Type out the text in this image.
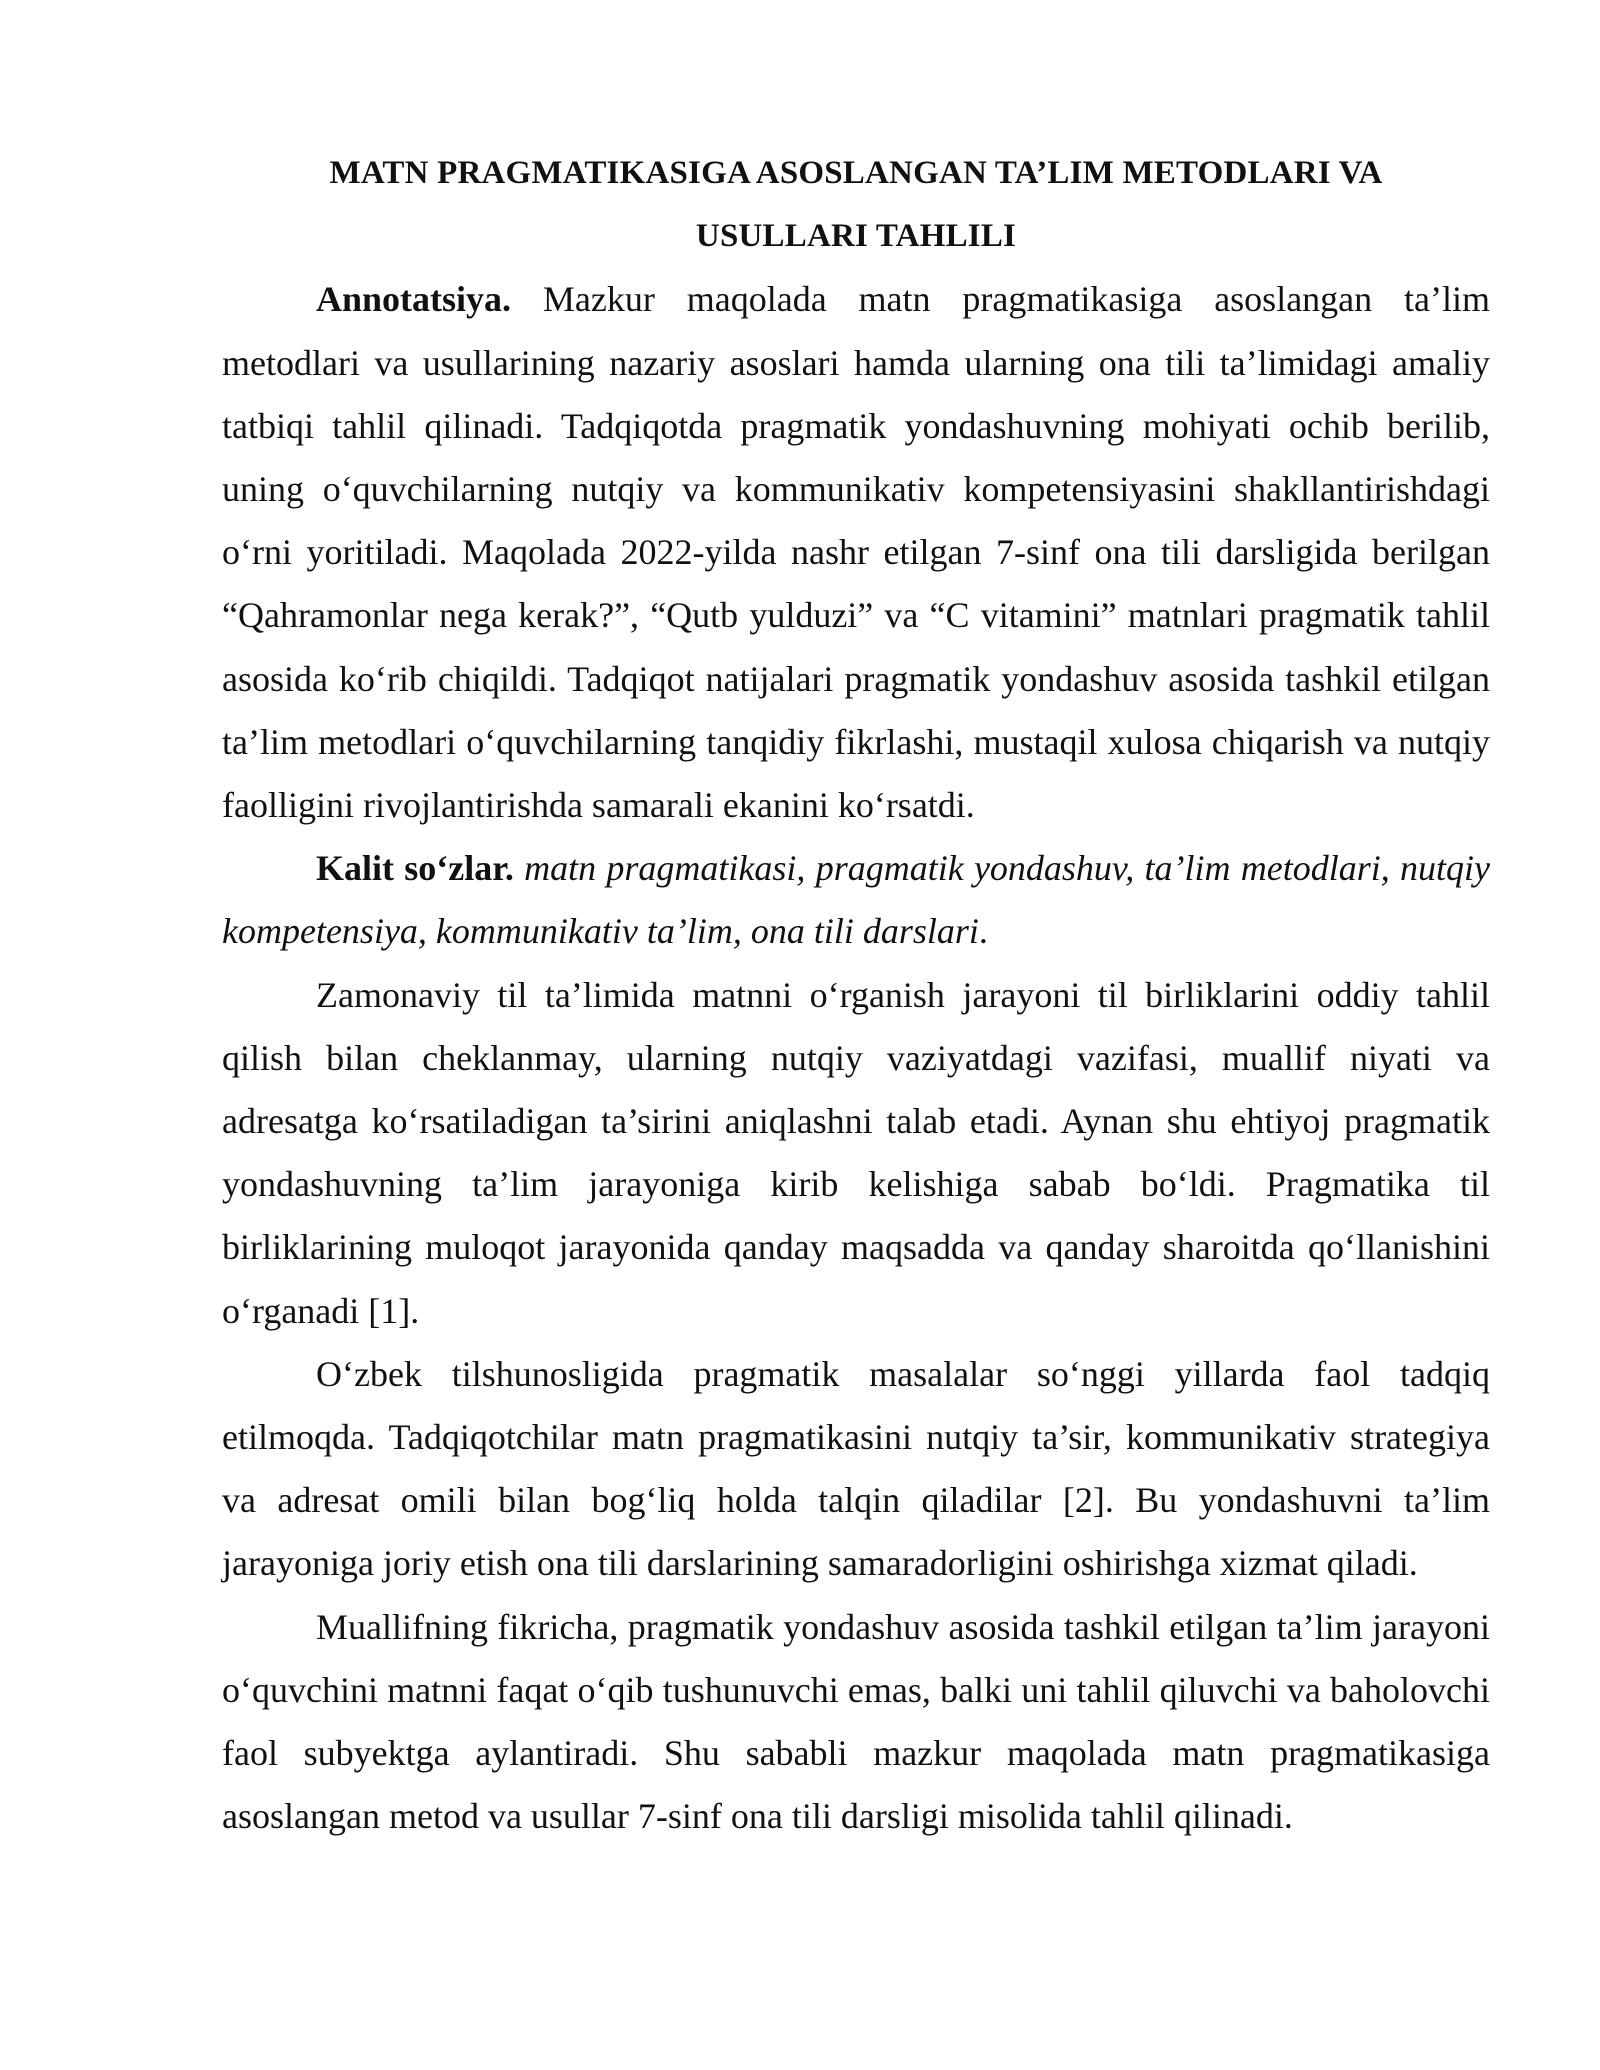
MATN PRAGMATIKASIGA ASOSLANGAN TA’LIM METODLARI VA
USULLARI TAHLILI

Annotatsiya. Mazkur maqolada matn pragmatikasiga asoslangan ta’lim metodlari va usullarining nazariy asoslari hamda ularning ona tili ta’limidagi amaliy tatbiqi tahlil qilinadi. Tadqiqotda pragmatik yondashuvning mohiyati ochib berilib, uning o‘quvchilarning nutqiy va kommunikativ kompetensiyasini shakllantirishdagi o‘rni yoritiladi. Maqolada 2022-yilda nashr etilgan 7-sinf ona tili darsligida berilgan “Qahramonlar nega kerak?”, “Qutb yulduzi” va “C vitamini” matnlari pragmatik tahlil asosida ko‘rib chiqildi. Tadqiqot natijalari pragmatik yondashuv asosida tashkil etilgan ta’lim metodlari o‘quvchilarning tanqidiy fikrlashi, mustaqil xulosa chiqarish va nutqiy faolligini rivojlantirishda samarali ekanini ko‘rsatdi.

Kalit so‘zlar. matn pragmatikasi, pragmatik yondashuv, ta’lim metodlari, nutqiy kompetensiya, kommunikativ ta’lim, ona tili darslari.

Zamonaviy til ta’limida matnni o‘rganish jarayoni til birliklarini oddiy tahlil qilish bilan cheklanmay, ularning nutqiy vaziyatdagi vazifasi, muallif niyati va adresatga ko‘rsatiladigan ta’sirini aniqlashni talab etadi. Aynan shu ehtiyoj pragmatik yondashuvning ta’lim jarayoniga kirib kelishiga sabab bo‘ldi. Pragmatika til birliklarining muloqot jarayonida qanday maqsadda va qanday sharoitda qo‘llanishini o‘rganadi [1].

O‘zbek tilshunosligida pragmatik masalalar so‘nggi yillarda faol tadqiq etilmoqda. Tadqiqotchilar matn pragmatikasini nutqiy ta’sir, kommunikativ strategiya va adresat omili bilan bog‘liq holda talqin qiladilar [2]. Bu yondashuvni ta’lim jarayoniga joriy etish ona tili darslarining samaradorligini oshirishga xizmat qiladi.

Muallifning fikricha, pragmatik yondashuv asosida tashkil etilgan ta’lim jarayoni o‘quvchini matnni faqat o‘qib tushunuvchi emas, balki uni tahlil qiluvchi va baholovchi faol subyektga aylantiradi. Shu sababli mazkur maqolada matn pragmatikasiga asoslangan metod va usullar 7-sinf ona tili darsligi misolida tahlil qilinadi.
